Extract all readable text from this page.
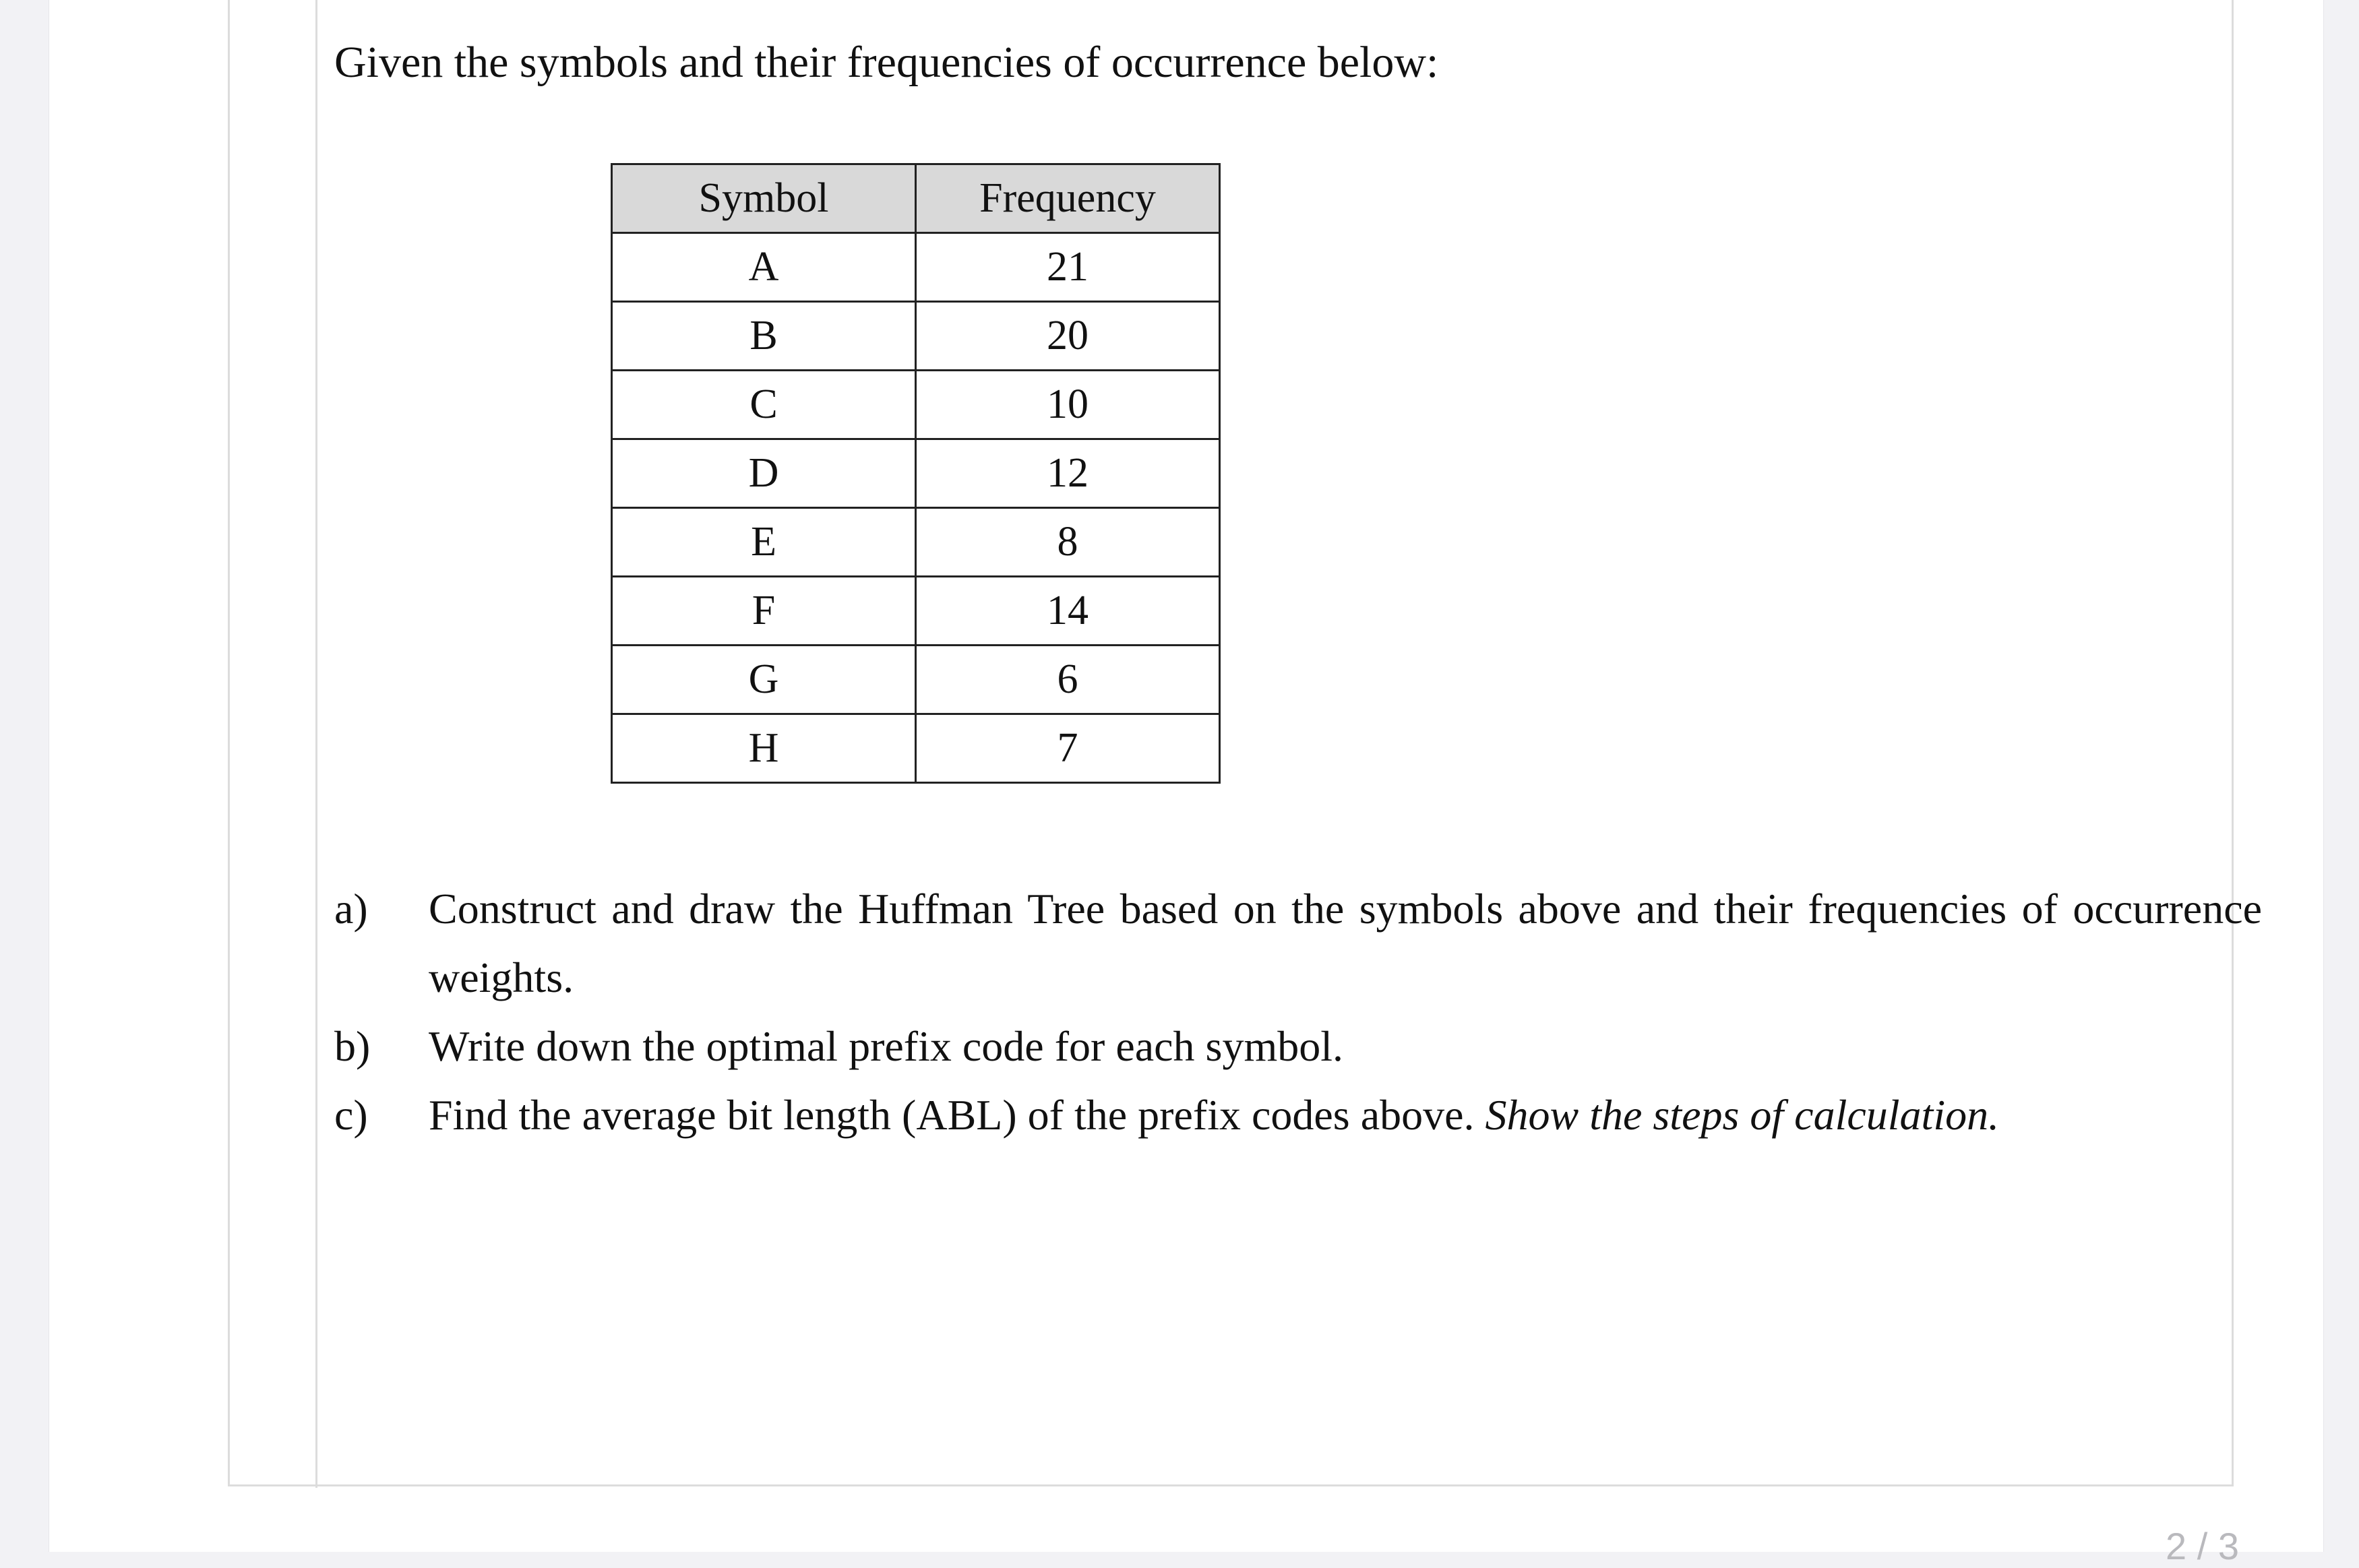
Given the symbols and their frequencies of occurrence below:
Symbol	Frequency
A	21
B	20
C	10
D	12
E	8
F	14
G	6
H	7
a)	Construct and draw the Huffman Tree based on the symbols above and their frequencies of occurrence weights.
b)	Write down the optimal prefix code for each symbol.
c)	Find the average bit length (ABL) of the prefix codes above. Show the steps of calculation.
2 / 3
